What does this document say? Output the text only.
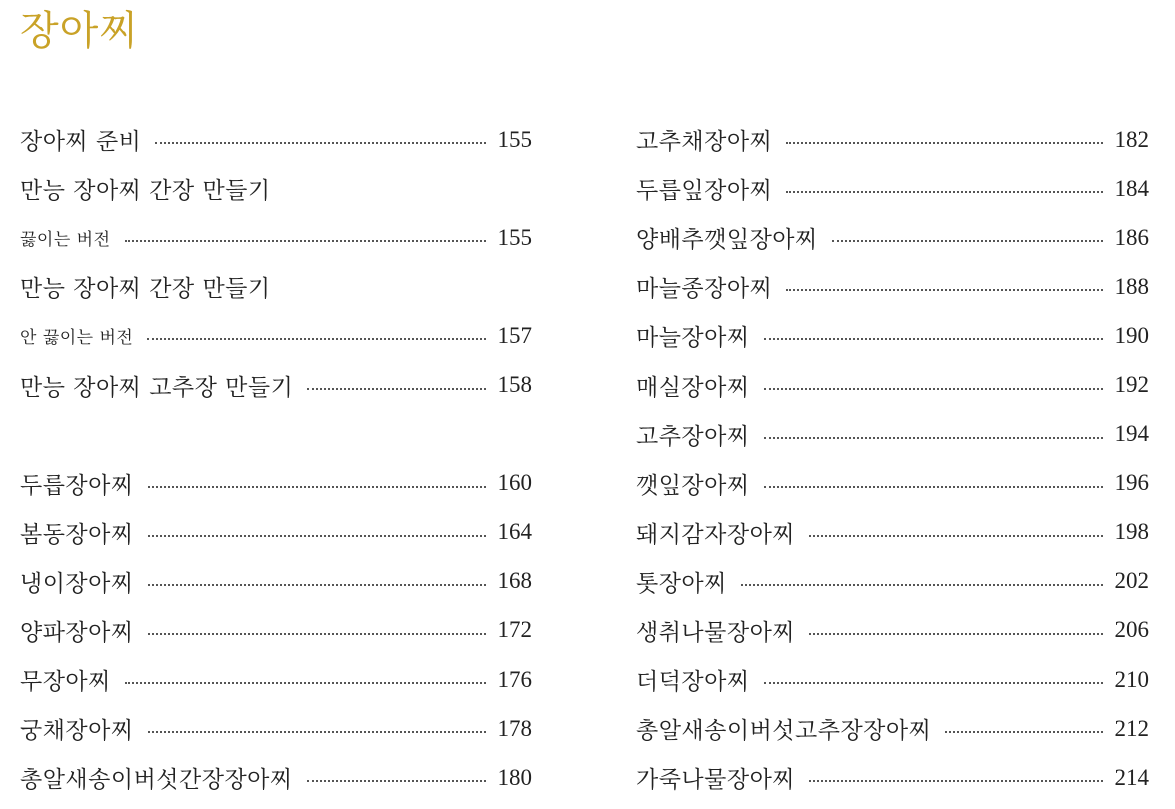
장아찌
장아찌 준비	155
만능 장아찌 간장 만들기
끓이는 버전	155
만능 장아찌 간장 만들기
안 끓이는 버전	157
만능 장아찌 고추장 만들기	158
두릅장아찌	160
봄동장아찌	164
냉이장아찌	168
양파장아찌	172
무장아찌	176
궁채장아찌	178
총알새송이버섯간장장아찌	180
고추채장아찌	182
두릅잎장아찌	184
양배추깻잎장아찌	186
마늘종장아찌	188
마늘장아찌	190
매실장아찌	192
고추장아찌	194
깻잎장아찌	196
돼지감자장아찌	198
톳장아찌	202
생취나물장아찌	206
더덕장아찌	210
총알새송이버섯고추장장아찌	212
가죽나물장아찌	214
